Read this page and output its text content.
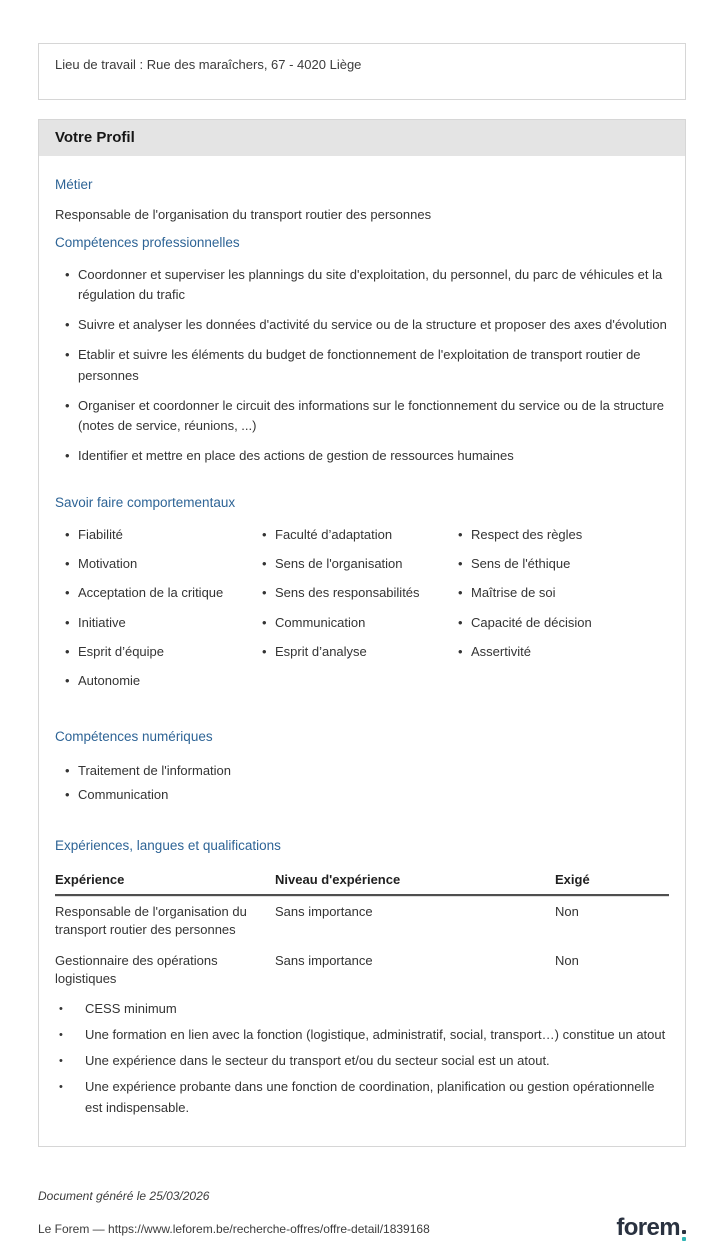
Lieu de travail : Rue des maraîchers, 67 - 4020 Liège
Votre Profil
Métier

Responsable de l'organisation du transport routier des personnes

Compétences professionnelles
• Coordonner et superviser les plannings du site d'exploitation, du personnel, du parc de véhicules et la régulation du trafic
• Suivre et analyser les données d'activité du service ou de la structure et proposer des axes d'évolution
• Etablir et suivre les éléments du budget de fonctionnement de l'exploitation de transport routier de personnes
• Organiser et coordonner le circuit des informations sur le fonctionnement du service ou de la structure (notes de service, réunions, ...)
• Identifier et mettre en place des actions de gestion de ressources humaines
Savoir faire comportementaux
• Fiabilité
• Motivation
• Acceptation de la critique
• Initiative
• Esprit d’équipe
• Autonomie
• Faculté d’adaptation
• Sens de l'organisation
• Sens des responsabilités
• Communication
• Esprit d’analyse
• Respect des règles
• Sens de l'éthique
• Maîtrise de soi
• Capacité de décision
• Assertivité
Compétences numériques
• Traitement de l'information
• Communication
Expériences, langues et qualifications
Expérience	Niveau d'expérience	Exigé
Responsable de l'organisation du transport routier des personnes	Sans importance	Non
Gestionnaire des opérations logistiques	Sans importance	Non
• CESS minimum
• Une formation en lien avec la fonction (logistique, administratif, social, transport…) constitue un atout
• Une expérience dans le secteur du transport et/ou du secteur social est un atout.
• Une expérience probante dans une fonction de coordination, planification ou gestion opérationnelle est indispensable.

Document généré le 25/03/2026

Le Forem — https://www.leforem.be/recherche-offres/offre-detail/1839168	forem
